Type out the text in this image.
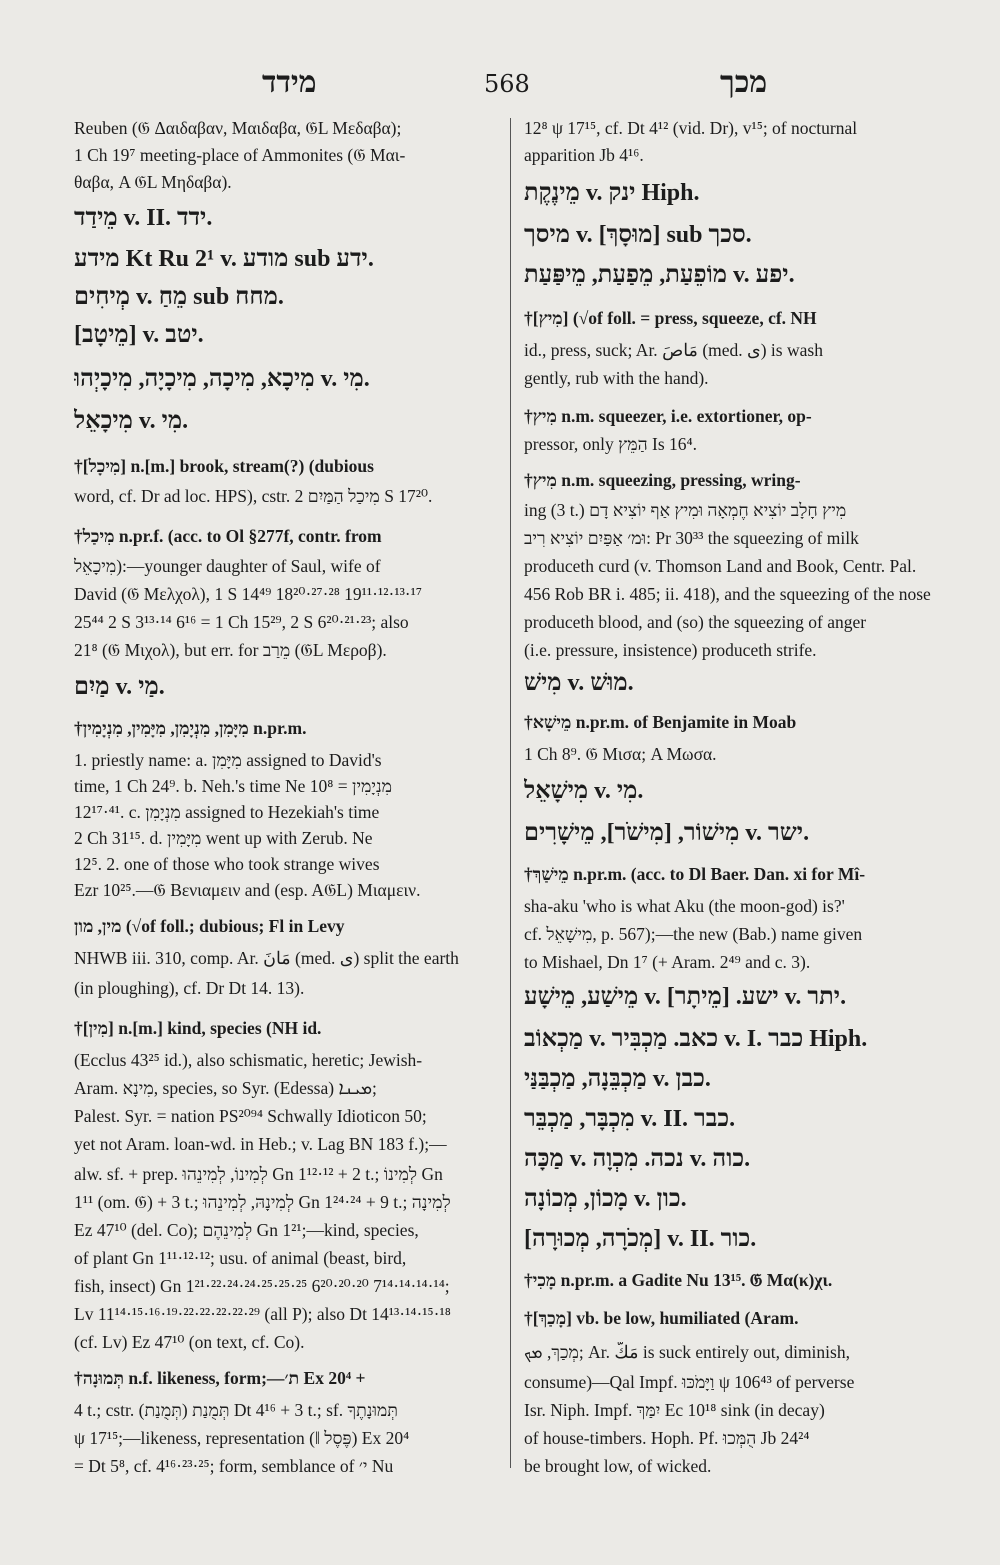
מידד	568	מכך
Reuben (𝔊 Δαιδαβαν, Μαιδαβα, 𝔊L Μεδαβα);
1 Ch 19⁷ meeting-place of Ammonites (𝔊 Μαι-
θαβα, A 𝔊L Μηδαβα).
מֵידַד v. II. ידד.
מידע Kt Ru 2¹ v. מודע sub ידע.
מְיחִים v. מֵחַ sub מחח.
[מֵיטָב] v. יטב.
מִיכָא, מִיכָה, מִיכָיָה, מִיכָיְהוּ v. מִי.
מִיכָאֵל v. מִי.
†[מִיכָל] n.[m.] brook, stream(?) (dubious
word, cf. Dr ad loc. HPS), cstr. מִיכַל הַמַּיִם 2 S 17²⁰.
†מִיכַל n.pr.f. (acc. to Ol §277f, contr. from
מִיכָאֵל):—younger daughter of Saul, wife of
David (𝔊 Μελχολ), 1 S 14⁴⁹ 18²⁰·²⁷·²⁸ 19¹¹·¹²·¹³·¹⁷
25⁴⁴ 2 S 3¹³·¹⁴ 6¹⁶ = 1 Ch 15²⁹, 2 S 6²⁰·²¹·²³; also
21⁸ (𝔊 Μιχολ), but err. for מֵרַב (𝔊L Μεροβ).
מַיִם v. מַי.
†מִיָּמִן, מִנְיָמִן, מִיָּמִין, מִנְיָמִין n.pr.m.
1. priestly name: a. מִיָּמִן assigned to David's
time, 1 Ch 24⁹. b. Neh.'s time Ne 10⁸ = מִנְיָמִין
12¹⁷·⁴¹. c. מִנְיָמִן assigned to Hezekiah's time
2 Ch 31¹⁵. d. מִיָּמִין went up with Zerub. Ne
12⁵. 2. one of those who took strange wives
Ezr 10²⁵.—𝔊 Βενιαμειν and (esp. A𝔊L) Μιαμειν.
מין, מון (√of foll.; dubious; Fl in Levy
NHWB iii. 310, comp. Ar. مَانَ (med. ى) split the earth
(in ploughing), cf. Dr Dt 14. 13).
†[מִין] n.[m.] kind, species (NH id.
(Ecclus 43²⁵ id.), also schismatic, heretic; Jewish-
Aram. מִינָא, species, so Syr. (Edessa) ܡܝܢܐ;
Palest. Syr. = nation PS²⁰⁹⁴ Schwally Idioticon 50;
yet not Aram. loan-wd. in Heb.; v. Lag BN 183 f.);—
alw. sf. + prep. לְמִינוֹ, לְמִינֵהוּ Gn 1¹²·¹² + 2 t.; לְמִינוֹ Gn
1¹¹ (om. 𝔊) + 3 t.; לְמִינָהּ, לְמִינֵהוּ Gn 1²⁴·²⁴ + 9 t.; לְמִינָה
Ez 47¹⁰ (del. Co); לְמִינֵהֶם Gn 1²¹;—kind, species,
of plant Gn 1¹¹·¹²·¹²; usu. of animal (beast, bird,
fish, insect) Gn 1²¹·²²·²⁴·²⁴·²⁵·²⁵·²⁵ 6²⁰·²⁰·²⁰ 7¹⁴·¹⁴·¹⁴·¹⁴;
Lv 11¹⁴·¹⁵·¹⁶·¹⁹·²²·²²·²²·²²·²⁹ (all P); also Dt 14¹³·¹⁴·¹⁵·¹⁸
(cf. Lv) Ez 47¹⁰ (on text, cf. Co).
†תְּמוּנָה n.f. likeness, form;—ת׳ Ex 20⁴ +
4 t.; cstr. תְּמֻנַת (תְּמֻנַת) Dt 4¹⁶ + 3 t.; sf. תְּמוּנָתֶךָ
ψ 17¹⁵;—likeness, representation (‖ פֶּסֶל) Ex 20⁴
= Dt 5⁸, cf. 4¹⁶·²³·²⁵; form, semblance of י׳ Nu
12⁸ ψ 17¹⁵, cf. Dt 4¹² (vid. Dr), v¹⁵; of nocturnal
apparition Jb 4¹⁶.
מֵינֶקֶת v. ינק Hiph.
מיסך v. [מוּסָךְ] sub סכך.
מוֹפֵעַת, מֵפַעַת, מֵיפַּעַת v. יפע.
†[מִיץ] (√of foll. = press, squeeze, cf. NH
id., press, suck; Ar. مَاصَ (med. ى) is wash
gently, rub with the hand).
†מִיץ n.m. squeezer, i.e. extortioner, op-
pressor, only הַמֵּץ Is 16⁴.
†מִיץ n.m. squeezing, pressing, wring-
ing (3 t.) מִיץ חָלָב יוֹצִיא חֶמְאָה וּמִיץ אַף יוֹצִיא דָם
וּמ׳ אַפַּיִם יוֹצִיא רִיב: Pr 30³³ the squeezing of milk
produceth curd (v. Thomson Land and Book, Centr. Pal.
456 Rob BR i. 485; ii. 418), and the squeezing of the nose
produceth blood, and (so) the squeezing of anger
(i.e. pressure, insistence) produceth strife.
מִישׁ v. מוּשׁ.
†מֵישָׁא n.pr.m. of Benjamite in Moab
1 Ch 8⁹. 𝔊 Μισα; A Μωσα.
מִישָׁאֵל v. מִי.
מִישׁוֹר, [מִישֹׁר], מֵישָׁרִים v. ישר.
†מֵישַׁךְ n.pr.m. (acc. to Dl Baer. Dan. xi for Mî-
sha-aku 'who is what Aku (the moon-god) is?'
cf. מִישָׁאֵל, p. 567);—the new (Bab.) name given
to Mishael, Dn 1⁷ (+ Aram. 2⁴⁹ and c. 3).
מֵישַׁע, מֵישָׁע v. ישע. [מֵיתָר] v. יתר.
מַכְאוֹב v. כאב. מַכְבִּיר v. I. כבר Hiph.
מַכְבֵּנָה, מַכְבַּנַּי v. כבן.
מִכְבָּר, מַכְבֵּר v. II. כבר.
מַכָּה v. נכה. מִכְוָה v. כוה.
מָכוֹן, מְכוֹנָה v. כון.
[מְכֹרָה, מְכוּרָה] v. II. כור.
†מָכִי n.pr.m. a Gadite Nu 13¹⁵. 𝔊 Μα(κ)χι.
†[מָכַךְ] vb. be low, humiliated (Aram.
מְכַךְ, ܡܟ; Ar. مَكَّ is suck entirely out, diminish,
consume)—Qal Impf. וַיָּמֹכּוּ ψ 106⁴³ of perverse
Isr. Niph. Impf. יִמַּךְ Ec 10¹⁸ sink (in decay)
of house-timbers. Hoph. Pf. הֻמְּכוּ Jb 24²⁴
be brought low, of wicked.
